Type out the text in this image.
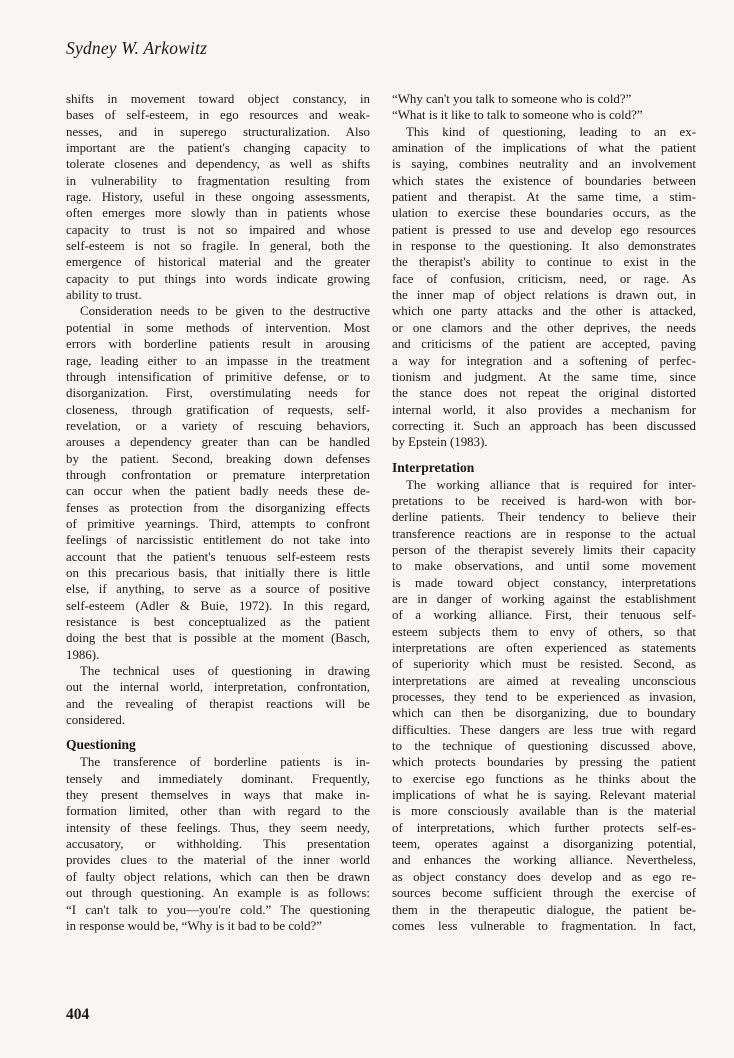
Sydney W. Arkowitz
shifts in movement toward object constancy, in
bases of self-esteem, in ego resources and weak-
nesses, and in superego structuralization. Also
important are the patient's changing capacity to
tolerate closenes and dependency, as well as shifts
in vulnerability to fragmentation resulting from
rage. History, useful in these ongoing assessments,
often emerges more slowly than in patients whose
capacity to trust is not so impaired and whose
self-esteem is not so fragile. In general, both the
emergence of historical material and the greater
capacity to put things into words indicate growing
ability to trust.
Consideration needs to be given to the destructive
potential in some methods of intervention. Most
errors with borderline patients result in arousing
rage, leading either to an impasse in the treatment
through intensification of primitive defense, or to
disorganization. First, overstimulating needs for
closeness, through gratification of requests, self-
revelation, or a variety of rescuing behaviors,
arouses a dependency greater than can be handled
by the patient. Second, breaking down defenses
through confrontation or premature interpretation
can occur when the patient badly needs these de-
fenses as protection from the disorganizing effects
of primitive yearnings. Third, attempts to confront
feelings of narcissistic entitlement do not take into
account that the patient's tenuous self-esteem rests
on this precarious basis, that initially there is little
else, if anything, to serve as a source of positive
self-esteem (Adler & Buie, 1972). In this regard,
resistance is best conceptualized as the patient
doing the best that is possible at the moment (Basch,
1986).
The technical uses of questioning in drawing
out the internal world, interpretation, confrontation,
and the revealing of therapist reactions will be
considered.
Questioning
The transference of borderline patients is in-
tensely and immediately dominant. Frequently,
they present themselves in ways that make in-
formation limited, other than with regard to the
intensity of these feelings. Thus, they seem needy,
accusatory, or withholding. This presentation
provides clues to the material of the inner world
of faulty object relations, which can then be drawn
out through questioning. An example is as follows:
“I can't talk to you—you're cold.” The questioning
in response would be, “Why is it bad to be cold?”
“Why can't you talk to someone who is cold?”
“What is it like to talk to someone who is cold?”
This kind of questioning, leading to an ex-
amination of the implications of what the patient
is saying, combines neutrality and an involvement
which states the existence of boundaries between
patient and therapist. At the same time, a stim-
ulation to exercise these boundaries occurs, as the
patient is pressed to use and develop ego resources
in response to the questioning. It also demonstrates
the therapist's ability to continue to exist in the
face of confusion, criticism, need, or rage. As
the inner map of object relations is drawn out, in
which one party attacks and the other is attacked,
or one clamors and the other deprives, the needs
and criticisms of the patient are accepted, paving
a way for integration and a softening of perfec-
tionism and judgment. At the same time, since
the stance does not repeat the original distorted
internal world, it also provides a mechanism for
correcting it. Such an approach has been discussed
by Epstein (1983).
Interpretation
The working alliance that is required for inter-
pretations to be received is hard-won with bor-
derline patients. Their tendency to believe their
transference reactions are in response to the actual
person of the therapist severely limits their capacity
to make observations, and until some movement
is made toward object constancy, interpretations
are in danger of working against the establishment
of a working alliance. First, their tenuous self-
esteem subjects them to envy of others, so that
interpretations are often experienced as statements
of superiority which must be resisted. Second, as
interpretations are aimed at revealing unconscious
processes, they tend to be experienced as invasion,
which can then be disorganizing, due to boundary
difficulties. These dangers are less true with regard
to the technique of questioning discussed above,
which protects boundaries by pressing the patient
to exercise ego functions as he thinks about the
implications of what he is saying. Relevant material
is more consciously available than is the material
of interpretations, which further protects self-es-
teem, operates against a disorganizing potential,
and enhances the working alliance. Nevertheless,
as object constancy does develop and as ego re-
sources become sufficient through the exercise of
them in the therapeutic dialogue, the patient be-
comes less vulnerable to fragmentation. In fact,
404
